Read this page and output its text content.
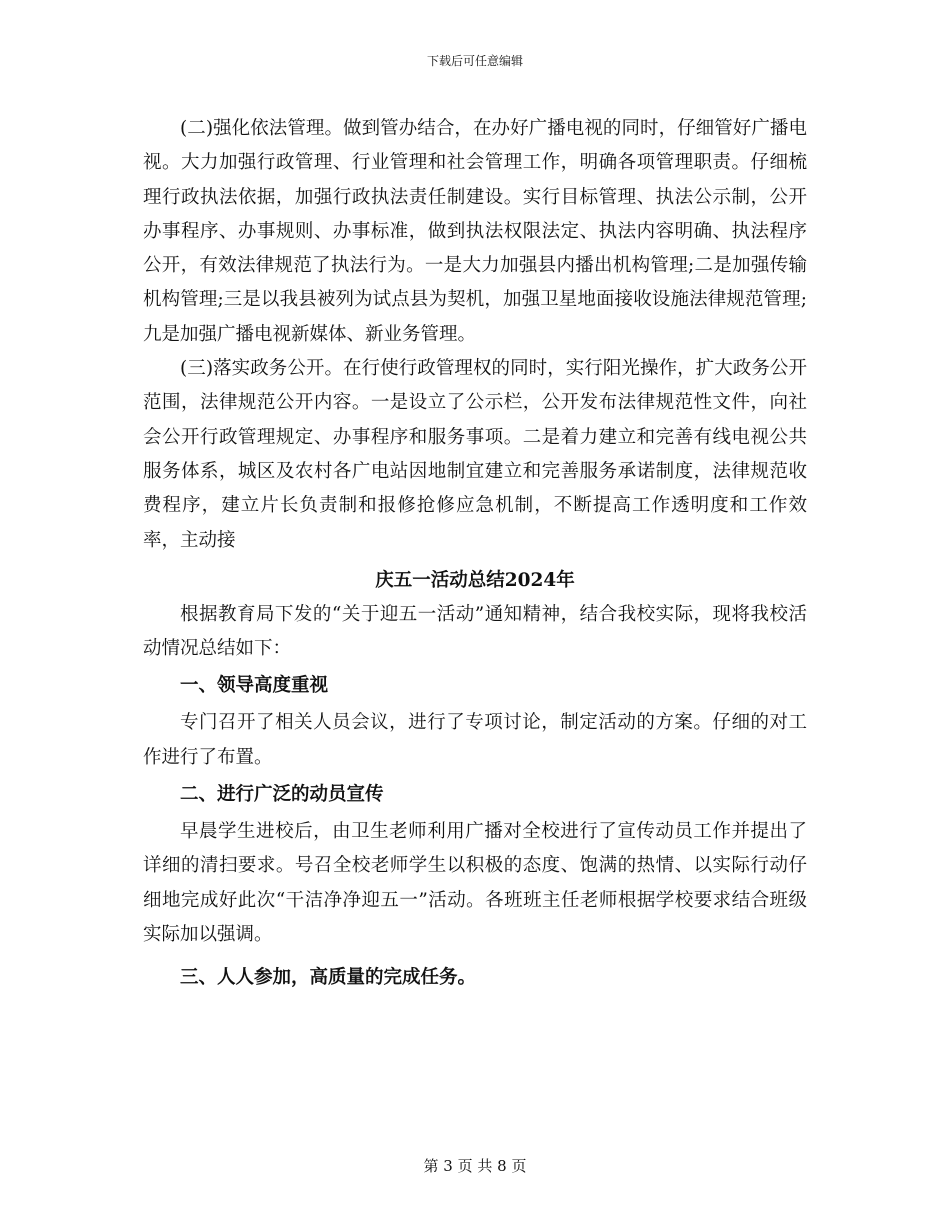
下载后可任意编辑

(二)强化依法管理。做到管办结合，在办好广播电视的同时，仔细管好广播电视。大力加强行政管理、行业管理和社会管理工作，明确各项管理职责。仔细梳理行政执法依据，加强行政执法责任制建设。实行目标管理、执法公示制，公开办事程序、办事规则、办事标准，做到执法权限法定、执法内容明确、执法程序公开，有效法律规范了执法行为。一是大力加强县内播出机构管理;二是加强传输机构管理;三是以我县被列为试点县为契机，加强卫星地面接收设施法律规范管理;九是加强广播电视新媒体、新业务管理。

(三)落实政务公开。在行使行政管理权的同时，实行阳光操作，扩大政务公开范围，法律规范公开内容。一是设立了公示栏，公开发布法律规范性文件，向社会公开行政管理规定、办事程序和服务事项。二是着力建立和完善有线电视公共服务体系，城区及农村各广电站因地制宜建立和完善服务承诺制度，法律规范收费程序，建立片长负责制和报修抢修应急机制，不断提高工作透明度和工作效率，主动接

庆五一活动总结2024年

根据教育局下发的“关于迎五一活动”通知精神，结合我校实际，现将我校活动情况总结如下：

一、领导高度重视

专门召开了相关人员会议，进行了专项讨论，制定活动的方案。仔细的对工作进行了布置。

二、进行广泛的动员宣传

早晨学生进校后，由卫生老师利用广播对全校进行了宣传动员工作并提出了详细的清扫要求。号召全校老师学生以积极的态度、饱满的热情、以实际行动仔细地完成好此次“干洁净净迎五一”活动。各班班主任老师根据学校要求结合班级实际加以强调。

三、人人参加，高质量的完成任务。
第 3 页 共 8 页
